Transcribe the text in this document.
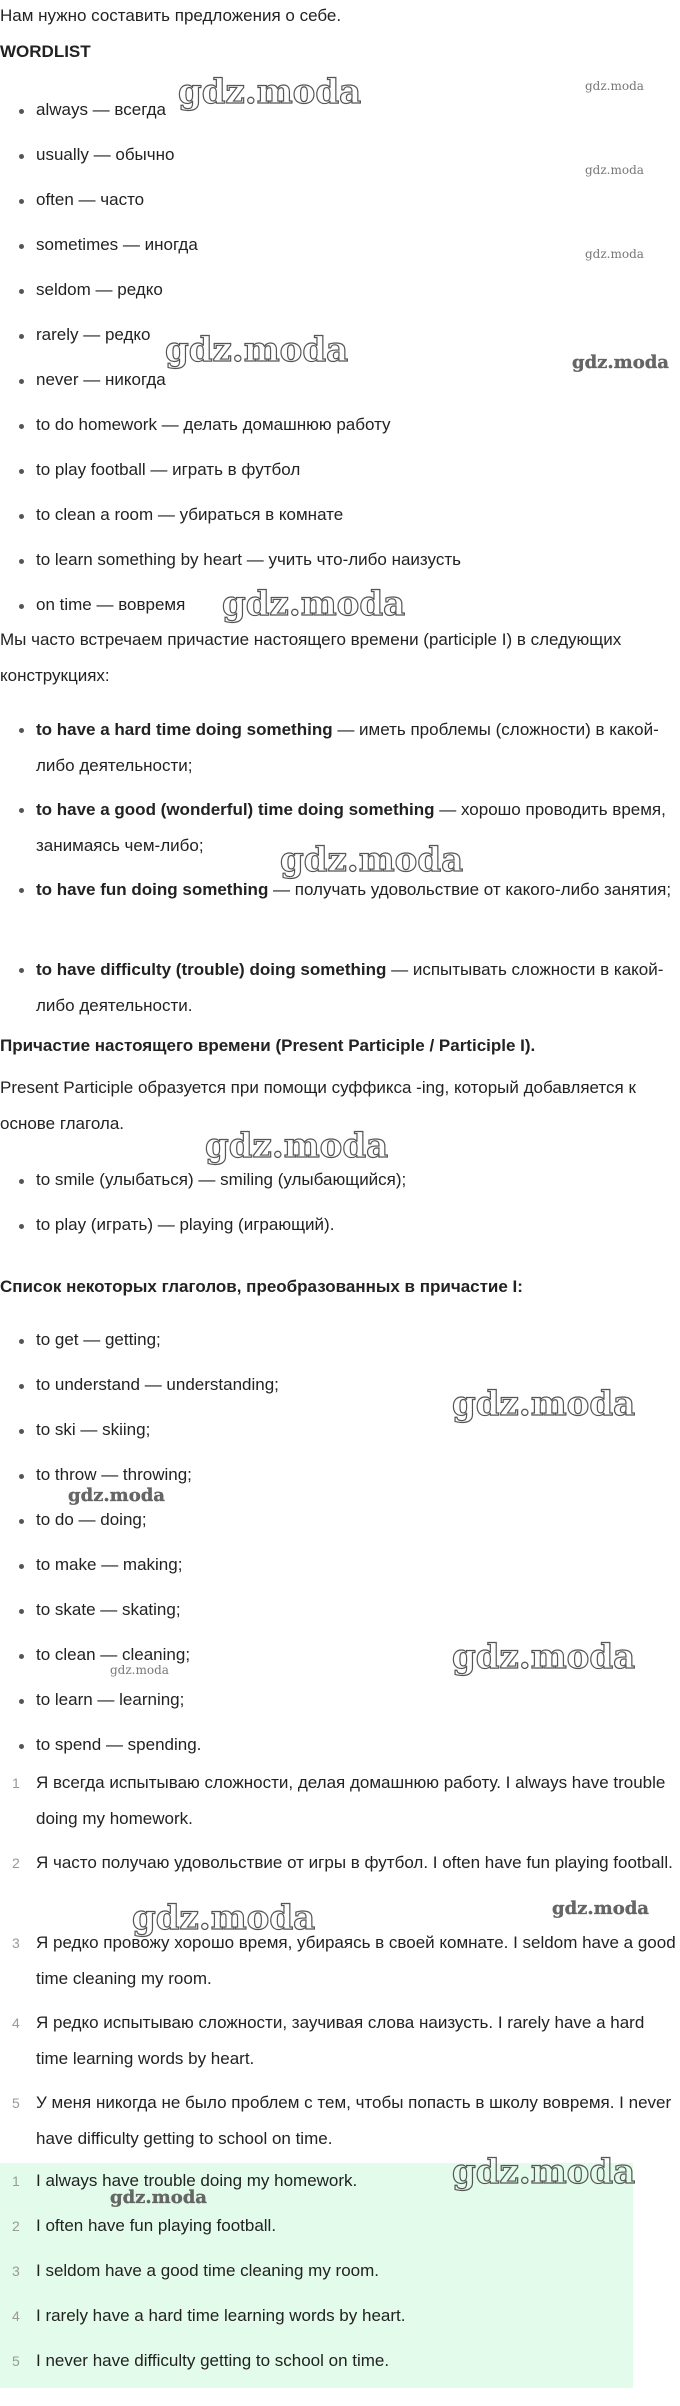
Нам нужно составить предложения о себе.
WORDLIST
always — всегда
usually — обычно
often — часто
sometimes — иногда
seldom — редко
rarely — редко
never — никогда
to do homework — делать домашнюю работу
to play football — играть в футбол
to clean a room — убираться в комнате
to learn something by heart — учить что-либо наизусть
on time — вовремя
Мы часто встречаем причастие настоящего времени (participle I) в следующих конструкциях:
to have a hard time doing something — иметь проблемы (сложности) в какой-либо деятельности;
to have a good (wonderful) time doing something — хорошо проводить время, занимаясь чем-либо;
to have fun doing something — получать удовольствие от какого-либо занятия;
to have difficulty (trouble) doing something — испытывать сложности в какой-либо деятельности.
Причастие настоящего времени (Present Participle / Participle I).
Present Participle образуется при помощи суффикса -ing, который добавляется к основе глагола.
to smile (улыбаться) — smiling (улыбающийся);
to play (играть) — playing (играющий).
Список некоторых глаголов, преобразованных в причастие I:
to get — getting;
to understand — understanding;
to ski — skiing;
to throw — throwing;
to do — doing;
to make — making;
to skate — skating;
to clean — cleaning;
to learn — learning;
to spend — spending.
1 Я всегда испытываю сложности, делая домашнюю работу. I always have trouble doing my homework.
2 Я часто получаю удовольствие от игры в футбол. I often have fun playing football.
3 Я редко провожу хорошо время, убираясь в своей комнате. I seldom have a good time cleaning my room.
4 Я редко испытываю сложности, заучивая слова наизусть. I rarely have a hard time learning words by heart.
5 У меня никогда не было проблем с тем, чтобы попасть в школу вовремя. I never have difficulty getting to school on time.
1 I always have trouble doing my homework.
2 I often have fun playing football.
3 I seldom have a good time cleaning my room.
4 I rarely have a hard time learning words by heart.
5 I never have difficulty getting to school on time.
gdz.moda	gdz.moda
gdz.moda
gdz.moda
gdz.moda	gdz.moda
gdz.moda
gdz.moda
gdz.moda
gdz.moda
gdz.moda
gdz.moda
gdz.moda
gdz.moda	gdz.moda
gdz.moda
